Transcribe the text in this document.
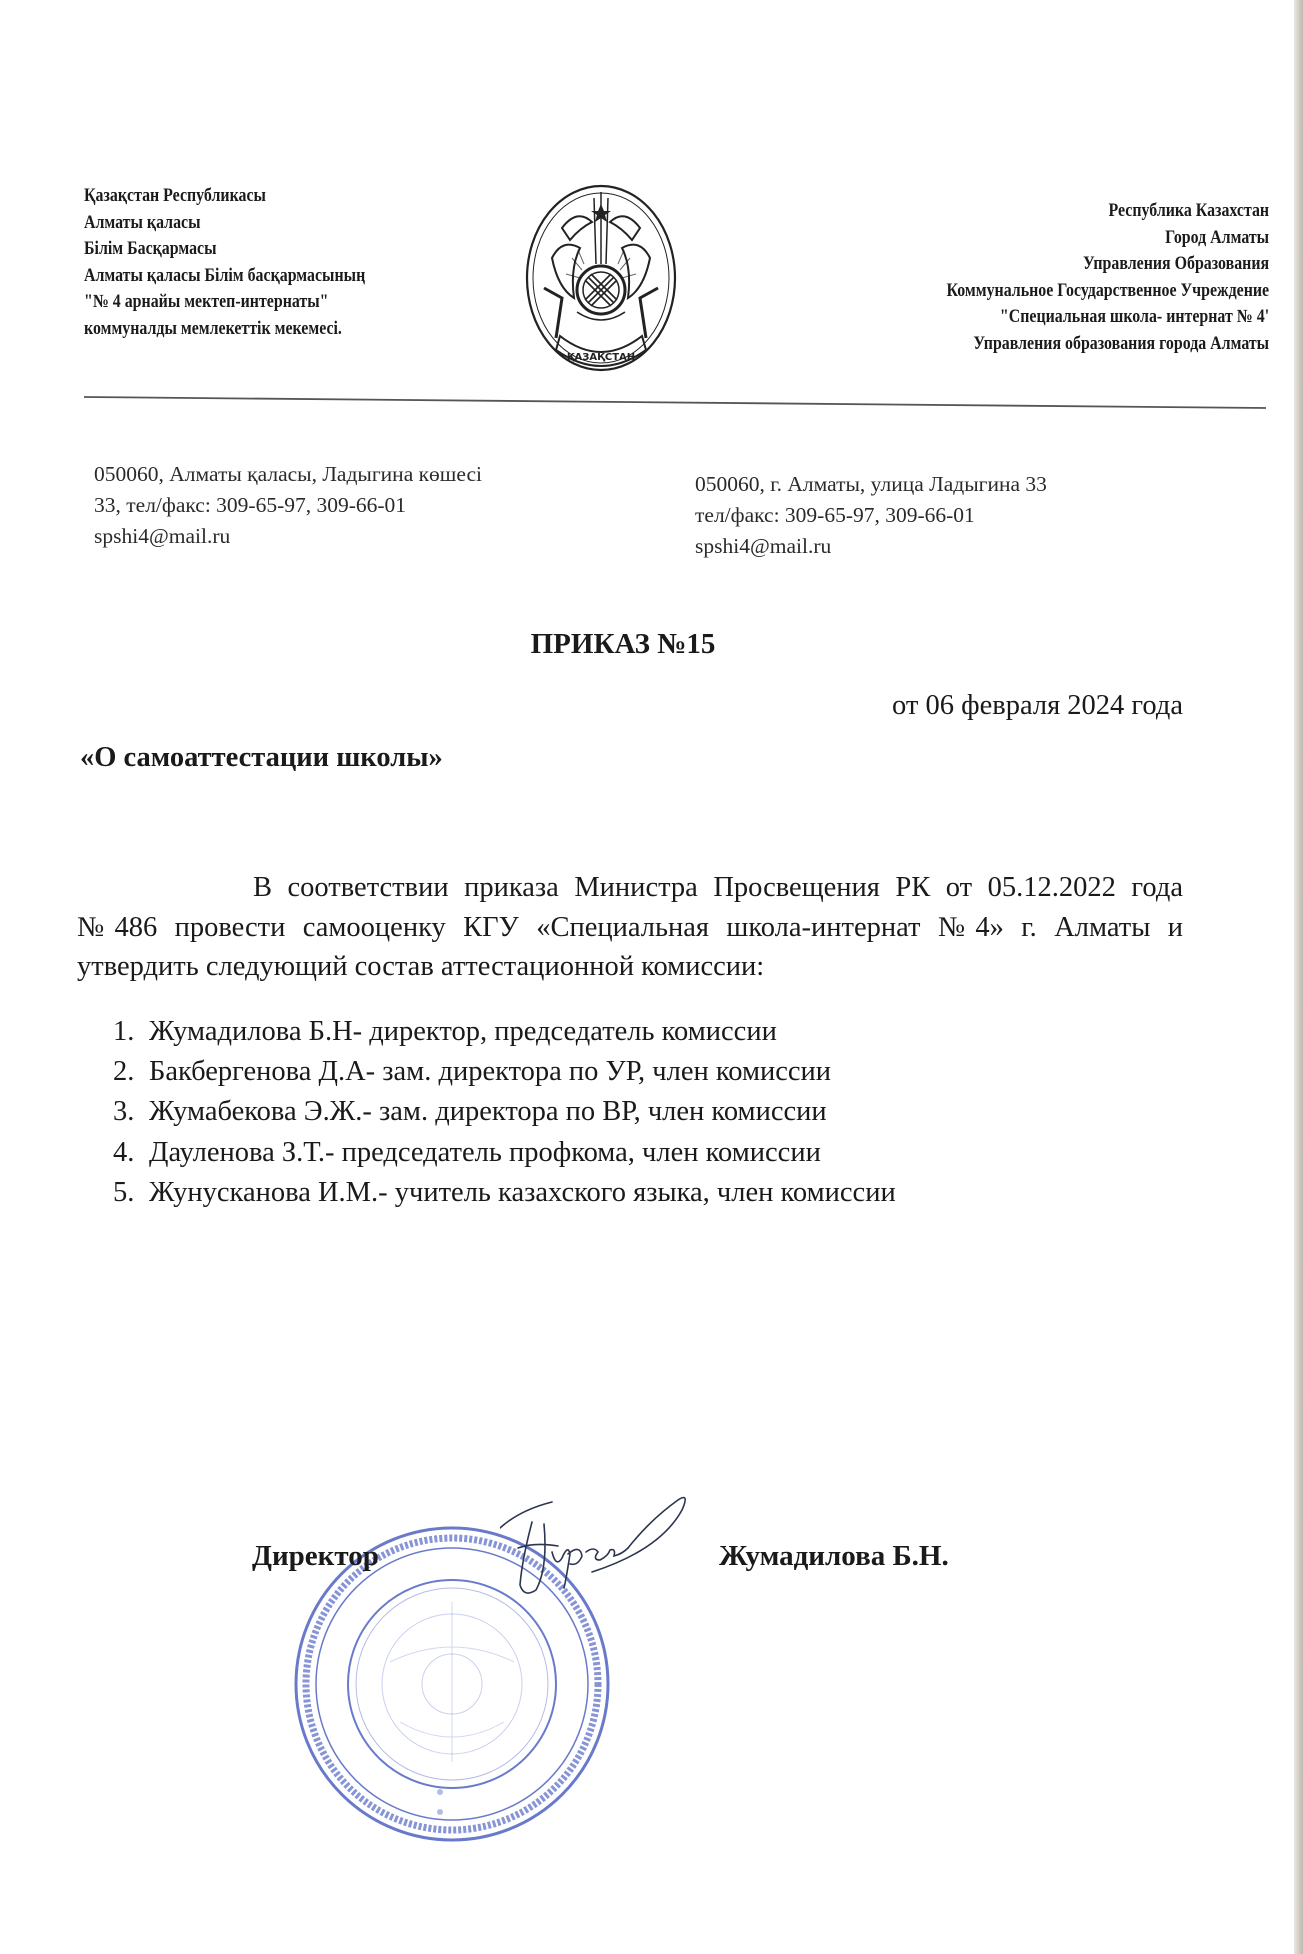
Қазақстан Республикасы
Алматы қаласы
Білім Басқармасы
Алматы қаласы Білім басқармасының
"№ 4 арнайы мектеп-интернаты"
коммуналды мемлекеттік мекемесі.
ҚАЗАҚСТАН
Республика Казахстан
Город Алматы
Управления Образования
Коммунальное Государственное Учреждение
"Специальная школа- интернат № 4'
Управления образования города Алматы
050060, Алматы қаласы, Ладыгина көшесі
33, тел/факс: 309-65-97, 309-66-01
spshi4@mail.ru
050060, г. Алматы, улица Ладыгина 33
тел/факс: 309-65-97, 309-66-01
spshi4@mail.ru
ПРИКАЗ №15
от 06 февраля 2024 года
«О самоаттестации школы»
В соответствии приказа Министра Просвещения РК от 05.12.2022 года №486 провести самооценку КГУ «Специальная школа-интернат №4» г. Алматы и утвердить следующий состав аттестационной комиссии:
1. Жумадилова Б.Н- директор, председатель комиссии
2. Бакбергенова Д.А- зам. директора по УР, член комиссии
3. Жумабекова Э.Ж.- зам. директора по ВР, член комиссии
4. Дауленова З.Т.- председатель профкома, член комиссии
5. Жунусканова И.М.- учитель казахского языка, член комиссии
Директор	Жумадилова Б.Н.
